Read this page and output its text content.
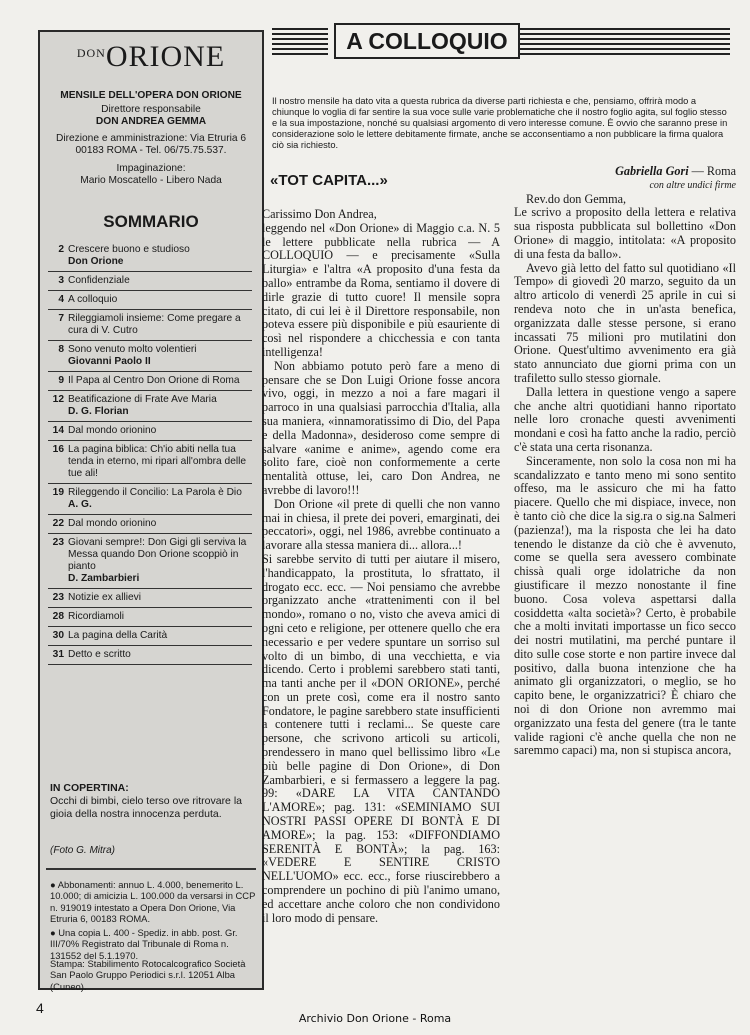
$^{DON}$ORIONE
MENSILE DELL'OPERA DON ORIONE
Direttore responsabile
DON ANDREA GEMMA
Direzione e amministrazione: Via Etruria 6
00183 ROMA - Tel. 06/75.75.537.
Impaginazione:
Mario Moscatello - Libero Nada
SOMMARIO
2 Crescere buono e studioso
Don Orione
3 Confidenziale
4 A colloquio
7 Rileggiamoli insieme: Come pregare a cura di V. Cutro
8 Sono venuto molto volentieri
Giovanni Paolo II
9 Il Papa al Centro Don Orione di Roma
12 Beatificazione di Frate Ave Maria
D. G. Florian
14 Dal mondo orionino
16 La pagina biblica: Ch'io abiti nella tua tenda in eterno, mi ripari all'ombra delle tue ali!
19 Rileggendo il Concilio: La Parola è Dio
A. G.
22 Dal mondo orionino
23 Giovani sempre!: Don Gigi gli serviva la Messa quando Don Orione scoppiò in pianto
D. Zambarbieri
23 Notizie ex allievi
28 Ricordiamoli
30 La pagina della Carità
31 Detto e scritto
IN COPERTINA:
Occhi di bimbi, cielo terso ove ritrovare la gioia della nostra innocenza perduta.
(Foto G. Mitra)
● Abbonamenti: annuo L. 4.000, benemerito L. 10.000; di amicizia L. 100.000 da versarsi in CCP n. 919019 intestato a Opera Don Orione, Via Etruria 6, 00183 ROMA.
● Una copia L. 400 - Spediz. in abb. post. Gr. III/70% Registrato dal Tribunale di Roma n. 131552 del 5.1.1970.
Stampa: Stabilimento Rotocalcografico Società San Paolo Gruppo Periodici s.r.l. 12051 Alba (Cuneo).
A COLLOQUIO
Il nostro mensile ha dato vita a questa rubrica da diverse parti richiesta e che, pensiamo, offrirà modo a chiunque lo voglia di far sentire la sua voce sulle varie problematiche che il nostro foglio agita, sul foglio stesso e la sua impostazione, nonché su qualsiasi argomento di vero interesse comune. È ovvio che saranno prese in considerazione solo le lettere debitamente firmate, anche se acconsentiamo a non pubblicare la firma qualora ciò sia richiesto.
«TOT CAPITA...»

Carissimo Don Andrea,

leggendo nel «Don Orione» di Maggio c.a. N. 5 le lettere pubblicate nella rubrica — A COLLOQUIO — e precisamente «Sulla Liturgia» e l'altra «A proposito d'una festa da ballo» entrambe da Roma, sentiamo il dovere di dirle grazie di tutto cuore! Il mensile sopra citato, di cui lei è il Direttore responsabile, non poteva essere più disponibile e più esauriente di così nel rispondere a chicchessia e con tanta intelligenza!

Non abbiamo potuto però fare a meno di pensare che se Don Luigi Orione fosse ancora vivo, oggi, in mezzo a noi a fare magari il parroco in una qualsiasi parrocchia d'Italia, alla sua maniera, «innamoratissimo di Dio, del Papa e della Madonna», desideroso come sempre di salvare «anime e anime», agendo come era solito fare, cioè non conformemente a certe mentalità ottuse, lei, caro Don Andrea, ne avrebbe di lavoro!!!

Don Orione «il prete di quelli che non vanno mai in chiesa, il prete dei poveri, emarginati, dei peccatori», oggi, nel 1986, avrebbe continuato a lavorare alla stessa maniera di... allora...!

Si sarebbe servito di tutti per aiutare il misero, l'handicappato, la prostituta, lo sfrattato, il drogato ecc. ecc. — Noi pensiamo che avrebbe organizzato anche «trattenimenti con il bel mondo», romano o no, visto che aveva amici di ogni ceto e religione, per ottenere quello che era necessario e per vedere spuntare un sorriso sul volto di un bimbo, di una vecchietta, e via dicendo. Certo i problemi sarebbero stati tanti, ma tanti anche per il «DON ORIONE», perché con un prete così, come era il nostro santo Fondatore, le pagine sarebbero state insufficienti a contenere tutti i reclami... Se queste care persone, che scrivono articoli su articoli, prendessero in mano quel bellissimo libro «Le più belle pagine di Don Orione», di Don Zambarbieri, e si fermassero a leggere la pag. 99: «DARE LA VITA CANTANDO L'AMORE»; pag. 131: «SEMINIAMO SUI NOSTRI PASSI OPERE DI BONTÀ E DI AMORE»; la pag. 153: «DIFFONDIAMO SERENITÀ E BONTÀ»; la pag. 163: «VEDERE E SENTIRE CRISTO NELL'UOMO» ecc. ecc., forse riuscirebbero a comprendere un pochino di più l'animo umano, ed accettare anche coloro che non condividono il loro modo di pensare.

Gabriella Gori — Roma

con altre undici firme

Rev.do don Gemma,

Le scrivo a proposito della lettera e relativa sua risposta pubblicata sul bollettino «Don Orione» di maggio, intitolata: «A proposito di una festa da ballo».

Avevo già letto del fatto sul quotidiano «Il Tempo» di giovedì 20 marzo, seguito da un altro articolo di venerdì 25 aprile in cui si rendeva noto che in un'asta benefica, organizzata dalle stesse persone, si erano incassati 75 milioni pro mutilatini don Orione. Quest'ultimo avvenimento era già stato annunciato due giorni prima con un trafiletto sullo stesso giornale.

Dalla lettera in questione vengo a sapere che anche altri quotidiani hanno riportato nelle loro cronache questi avvenimenti mondani e così ha fatto anche la radio, perciò c'è stata una certa risonanza.

Sinceramente, non solo la cosa non mi ha scandalizzato e tanto meno mi sono sentito offeso, ma le assicuro che mi ha fatto piacere. Quello che mi dispiace, invece, non è tanto ciò che dice la sig.ra o sig.na Salmeri (pazienza!), ma la risposta che lei ha dato tenendo le distanze da ciò che è avvenuto, come se quella sera avessero combinate chissà quali orge idolatriche da non giustificare il mezzo nonostante il fine buono. Cosa voleva aspettarsi dalla cosiddetta «alta società»? Certo, è probabile che a molti invitati importasse un fico secco dei nostri mutilatini, ma perché puntare il dito sulle cose storte e non partire invece dal positivo, dalla buona intenzione che ha animato gli organizzatori, o meglio, se ho capito bene, le organizzatrici? È chiaro che noi di don Orione non avremmo mai organizzato una festa del genere (tra le tante valide ragioni c'è anche quella che non ne saremmo capaci) ma, non si stupisca ancora,

4
Archivio Don Orione - Roma
